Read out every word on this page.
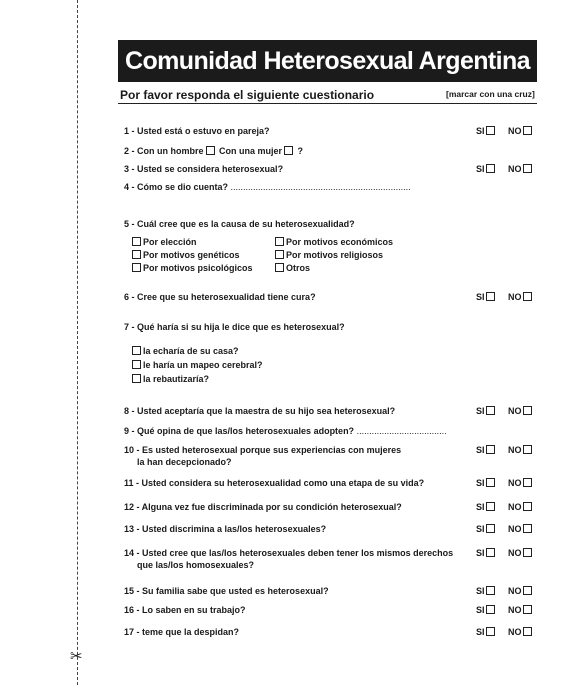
✂
Comunidad Heterosexual Argentina
Por favor responda el siguiente cuestionario	[marcar con una cruz]
1 - Usted está o estuvo en pareja?	SI	NO
2 - Con un hombre Con una mujer ?
3 - Usted se considera heterosexual?	SI	NO
4 - Cómo se dio cuenta? ........................................................................
5 - Cuál cree que es la causa de su heterosexualidad?
Por elección
Por motivos genéticos
Por motivos psicológicos
Por motivos económicos
Por motivos religiosos
Otros
6 - Cree que su heterosexualidad tiene cura?	SI	NO
7 - Qué haría si su hija le dice que es heterosexual?
la echaría de su casa?
le haría un mapeo cerebral?
la rebautizaría?
8 - Usted aceptaría que la maestra de su hijo sea heterosexual?	SI	NO
9 - Qué opina de que las/los heterosexuales adopten? ....................................
10 - Es usted heterosexual porque sus experiencias con mujeres
la han decepcionado?
SI	NO
11 - Usted considera su heterosexualidad como una etapa de su vida?	SI	NO
12 - Alguna vez fue discriminada por su condición heterosexual?	SI	NO
13 - Usted discrimina a las/los heterosexuales?	SI	NO
14 - Usted cree que las/los heterosexuales deben tener los mismos derechos
que las/los homosexuales?
SI	NO
15 - Su familia sabe que usted es heterosexual?	SI	NO
16 - Lo saben en su trabajo?	SI	NO
17 - teme que la despidan?	SI	NO
